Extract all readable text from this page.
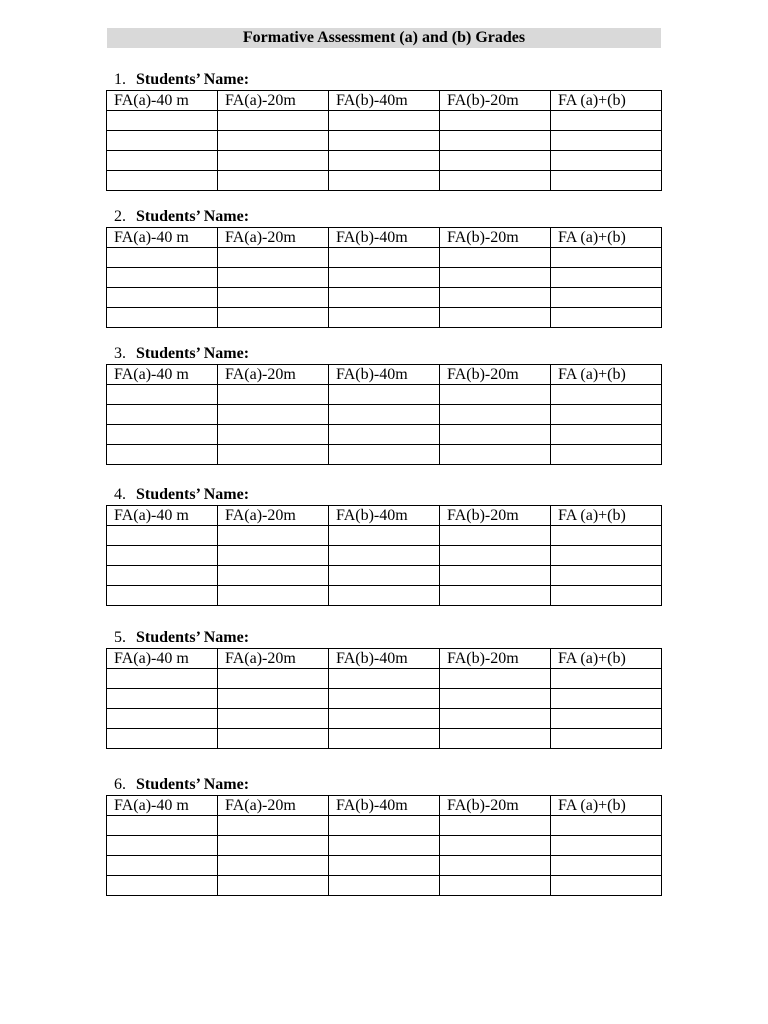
Formative Assessment (a) and (b) Grades
1. Students’ Name:
FA(a)-40 m	FA(a)-20m	FA(b)-40m	FA(b)-20m	FA (a)+(b)

2. Students’ Name:
FA(a)-40 m	FA(a)-20m	FA(b)-40m	FA(b)-20m	FA (a)+(b)

3. Students’ Name:
FA(a)-40 m	FA(a)-20m	FA(b)-40m	FA(b)-20m	FA (a)+(b)

4. Students’ Name:
FA(a)-40 m	FA(a)-20m	FA(b)-40m	FA(b)-20m	FA (a)+(b)

5. Students’ Name:
FA(a)-40 m	FA(a)-20m	FA(b)-40m	FA(b)-20m	FA (a)+(b)

6. Students’ Name:
FA(a)-40 m	FA(a)-20m	FA(b)-40m	FA(b)-20m	FA (a)+(b)
